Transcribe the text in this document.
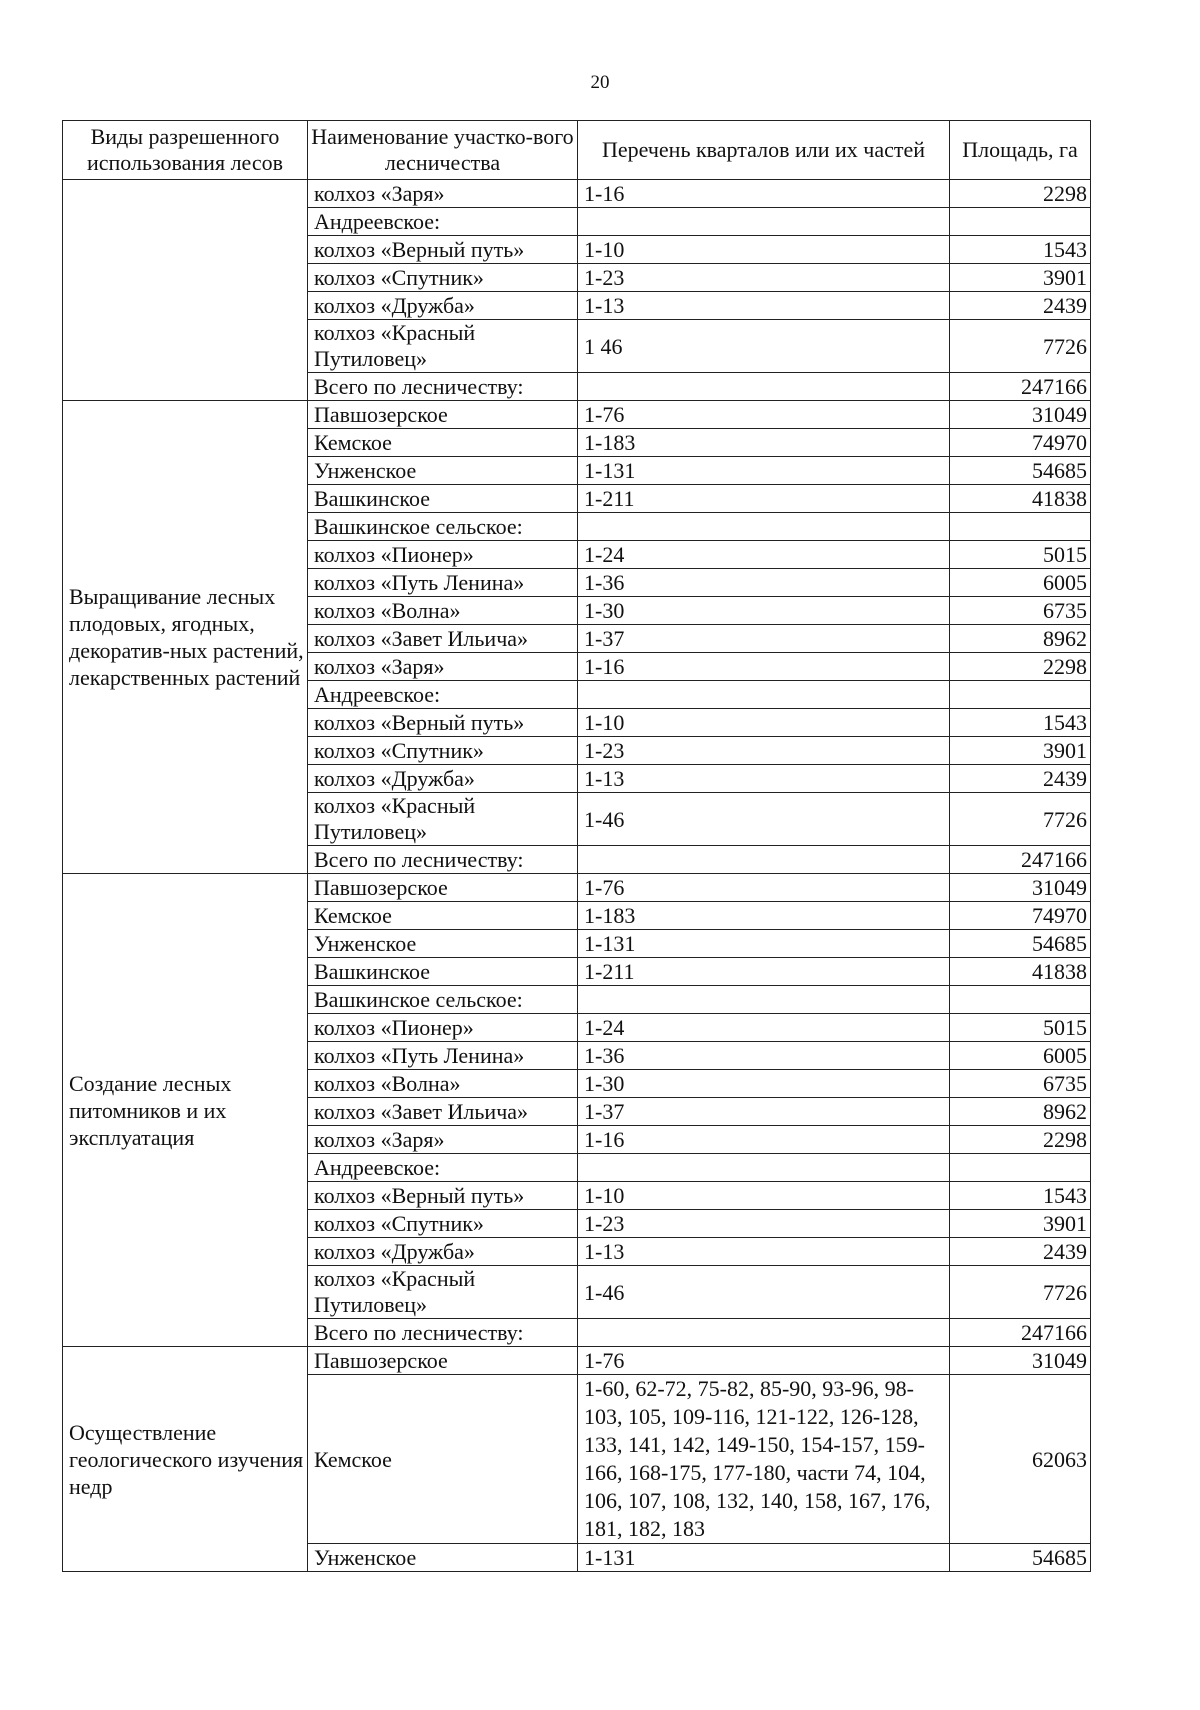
20
Виды разрешенного использования лесов	Наименование участко-вого лесничества	Перечень кварталов или их частей	Площадь, га
	колхоз «Заря»	1-16	2298
	Андреевское:		
	колхоз «Верный путь»	1-10	1543
	колхоз «Спутник»	1-23	3901
	колхоз «Дружба»	1-13	2439
	колхоз «Красный Путиловец»	1 46	7726
	Всего по лесничеству:		247166
Выращивание лесных плодовых, ягодных, декоратив-ных растений, лекарственных растений	Павшозерское	1-76	31049
	Кемское	1-183	74970
	Унженское	1-131	54685
	Вашкинское	1-211	41838
	Вашкинское сельское:		
	колхоз «Пионер»	1-24	5015
	колхоз «Путь Ленина»	1-36	6005
	колхоз «Волна»	1-30	6735
	колхоз «Завет Ильича»	1-37	8962
	колхоз «Заря»	1-16	2298
	Андреевское:		
	колхоз «Верный путь»	1-10	1543
	колхоз «Спутник»	1-23	3901
	колхоз «Дружба»	1-13	2439
	колхоз «Красный Путиловец»	1-46	7726
	Всего по лесничеству:		247166
Создание лесных питомников и их эксплуатация	Павшозерское	1-76	31049
	Кемское	1-183	74970
	Унженское	1-131	54685
	Вашкинское	1-211	41838
	Вашкинское сельское:		
	колхоз «Пионер»	1-24	5015
	колхоз «Путь Ленина»	1-36	6005
	колхоз «Волна»	1-30	6735
	колхоз «Завет Ильича»	1-37	8962
	колхоз «Заря»	1-16	2298
	Андреевское:		
	колхоз «Верный путь»	1-10	1543
	колхоз «Спутник»	1-23	3901
	колхоз «Дружба»	1-13	2439
	колхоз «Красный Путиловец»	1-46	7726
	Всего по лесничеству:		247166
Осуществление геологического изучения недр	Павшозерское	1-76	31049
	Кемское	1-60, 62-72, 75-82, 85-90, 93-96, 98-103, 105, 109-116, 121-122, 126-128, 133, 141, 142, 149-150, 154-157, 159-166, 168-175, 177-180, части 74, 104, 106, 107, 108, 132, 140, 158, 167, 176, 181, 182, 183	62063
	Унженское	1-131	54685
